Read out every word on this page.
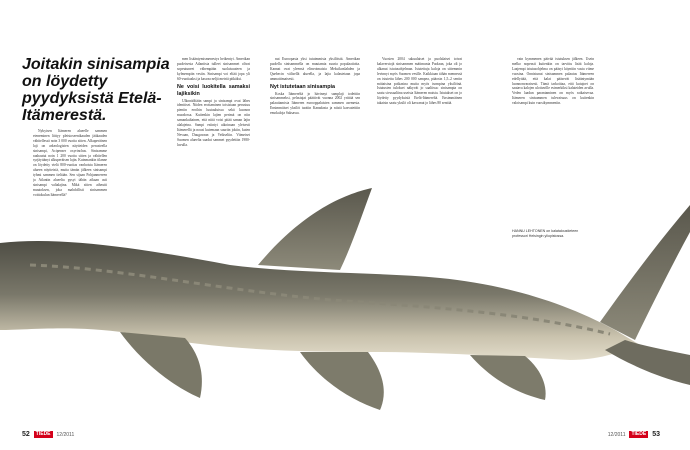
Joitakin sinisampia on löydetty pyydyksistä Etelä-Itämerestä.

Nykyisen Itämeren alueelle sammen eteneminen liittyy pleistoseenikauden jääkauden vähitellessä noin 3 000 vuotta sitten. Alkuperäinen laji on arkeologisten näytteiden perusteella sinisampi, Acipenser oxyrinchus. Sinisamme raahautui noin 1 200 vuotta sitten ja vähitellen syrjäyttänyt alkuperäisen lajin. Kuinmankin tilanne on löydetty vielä 800-vuotias vanhoista Itämeren alueen näytteistä, mutta tämän jälkeen sinisampi tyhmi sammen tieltään. Sen sijaan Pohjanmereen ja Atlantin alueelta pysyi tähän aikaan asti sinisampi valtalajina. Mikä sitten aiheutti muutoksen, joka mahdollisti sinisammen voittokulun Itämerellä?

men lisääntymismenestys heikentyi. Amerikan puoleisesta Atlantista tulleet sinisammet olivat sopeutuneet vähempään suolaisuuteen ja kylmempiin vesiin. Sinisampi voi eliää jopa yli 60-vuotiaaksi ja kasvaa neljä metriä pitkäksi.

Ne voisi luokitella samaksi lajiksikin

Ulkonäöltään sampi ja sinisampi ovat lähes identtiset. Niiden erottaminen toisistaan perustuu pieniin eroihin luutauluissa sekä kuonon muodossa. Kuitenkin lajien perimä on niin samankaltainen, että niitä voisi pitää saman lajin alalajeina. Sampi esiintyi aikoinaan yleisesti Itämerellä ja nousi kutemaan suuriin jokiin, kuten Nevaan, Daugavaan ja Veikseliin. Viimeiset Suomen alueelta saadut sammet pyydettiin 1980-luvulla.

nut Euroopasta yksi tutuimmista yksilöistä. Amerikan puolella sinisammella on muutamia suuria populaatioita. Kannat ovat yleensä elinvoimaisia Meksikonlahden ja Quebecin välisellä alueella, ja lajia kalastetaan jopa ammattimaisesti.

Nyt istutetaan sinisampia

Koska Itämereltä jo hävinnyt samplaji todettiin sinisammeksi, pelastajat päättivät vuonna 2002 yrittää sen palauttamista Itämeren eurooppalaisten sammen asemesta. Ensimmäiset yksilöt tuotiin Kanadasta ja niistä kasvatettiin emokaloja Saksassa.

Vuosien 2004 sakuulaiset ja puolalaiset toivat kalaverstojä sinisammen mätimunia Puolaan, joka oli jo alkanut istutusohjelman. Istutettuja kaloja on sittemmin levinnyt myös Suomen vesille. Kaikkiaan tähän mennessä on istutettu lähes 200 000 sampea, pääosin 1,5–2 sentin mittaisina poikasina mutta myös isompina yksilöinä. Istutusten tulokset näkyvät jo saaliissa: sinisampia on saatu sivusaaliina useista Itämeren maista. Istutukset on jo löydetty pyydyksistä Etelä-Itämereltä. Ensimmäinen takaisin saatu yksilö oli kasvanut jo lähes 80 senttiä.

vain kymmenen päivää istutuksen jälkeen. Usein melko nopeasti kuitenkin on tarvittu lisää kaloja. Laajempi istutusohjelma on pääsyt käyntiin vasta viime vuosina. Onnistunut sinisammen palautus Itämereen edellyttää, että kalat pääsevät lisääntymään luonnonvaraisesti. Tämä tarkoittaa, että kutujoet on saatava kalojen ulottuville esimerkiksi kalateiden avulla. Veden laadun parantaminen on myös ratkaisevaa. Itämeren sinisammen tulevaisuus on kuitenkin valoisampi kuin vuosikymmeniin.

HANNU LEHTONEN on kalataloustieteen professori Helsingin yliopistossa.
Sampien lihaksi on muokattu, mutta tekijäsestä rautatiineista nämäkin on poistettu, luulee valkoistuneen kaupalijaloista. Tässä näet kalojen kolmanaisia fossiileja.
52	TIEDE	12/2011	12/2011	TIEDE 53
